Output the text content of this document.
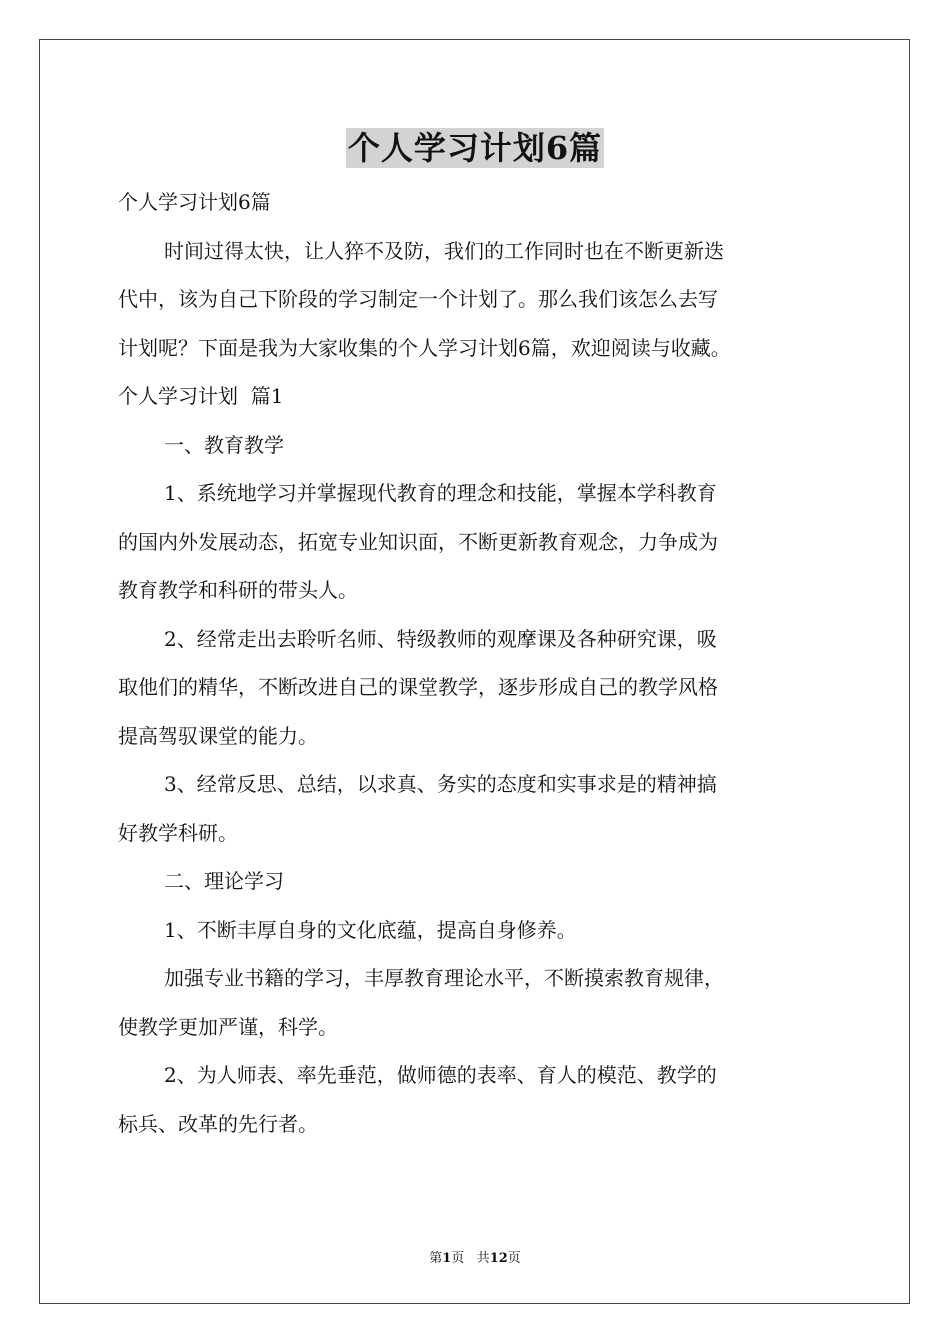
个人学习计划6篇

个人学习计划6篇

时间过得太快，让人猝不及防，我们的工作同时也在不断更新迭
代中，该为自己下阶段的学习制定一个计划了。那么我们该怎么去写
计划呢？下面是我为大家收集的个人学习计划6篇，欢迎阅读与收藏。

个人学习计划  篇1

一、教育教学

1、系统地学习并掌握现代教育的理念和技能，掌握本学科教育
的国内外发展动态，拓宽专业知识面，不断更新教育观念，力争成为
教育教学和科研的带头人。

2、经常走出去聆听名师、特级教师的观摩课及各种研究课，吸
取他们的精华，不断改进自己的课堂教学，逐步形成自己的教学风格
提高驾驭课堂的能力。

3、经常反思、总结，以求真、务实的态度和实事求是的精神搞
好教学科研。

二、理论学习

1、不断丰厚自身的文化底蕴，提高自身修养。

加强专业书籍的学习，丰厚教育理论水平，不断摸索教育规律，
使教学更加严谨，科学。

2、为人师表、率先垂范，做师德的表率、育人的模范、教学的
标兵、改革的先行者。

第1页 共12页
